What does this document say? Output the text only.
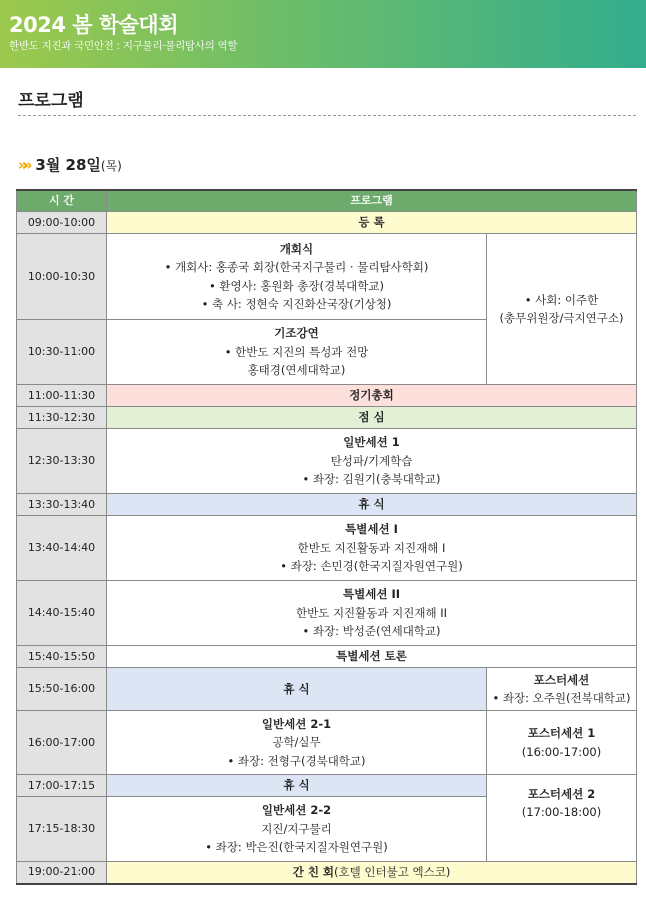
2024 봄 학술대회
한반도 지진과 국민안전 : 지구물리·물리탐사의 역할
프로그램
»» 3월 28일(목)
시 간	프로그램	
09:00-10:00	등 록	
10:00-10:30	개회식
• 개회사: 홍종국 회장(한국지구물리 · 물리탐사학회)
• 환영사: 홍원화 총장(경북대학교)
• 축 사: 정현숙 지진화산국장(기상청)	• 사회: 이주한
(총무위원장/극지연구소)

10:30-11:00	기조강연
• 한반도 지진의 특성과 전망
홍태경(연세대학교)	

11:00-11:30	정기총회	
11:30-12:30	점 심	
12:30-13:30	일반세션 1
탄성파/기계학습
• 좌장: 김원기(충북대학교)	

13:30-13:40	휴 식	
13:40-14:40	특별세션 I
한반도 지진활동과 지진재해 I
• 좌장: 손민경(한국지질자원연구원)	

14:40-15:40	특별세션 II
한반도 지진활동과 지진재해 II
• 좌장: 박성준(연세대학교)	

15:40-15:50	특별세션 토론	
15:50-16:00	휴 식	포스터세션
• 좌장: 오주원(전북대학교)

16:00-17:00	일반세션 2-1
공학/실무
• 좌장: 전형구(경북대학교)	포스터세션 1
(16:00-17:00)

17:00-17:15	휴 식	포스터세션 2
(17:00-18:00)

17:15-18:30	일반세션 2-2
지진/지구물리
• 좌장: 박은진(한국지질자원연구원)	

19:00-21:00	간 친 회(호텔 인터불고 엑스코)	
